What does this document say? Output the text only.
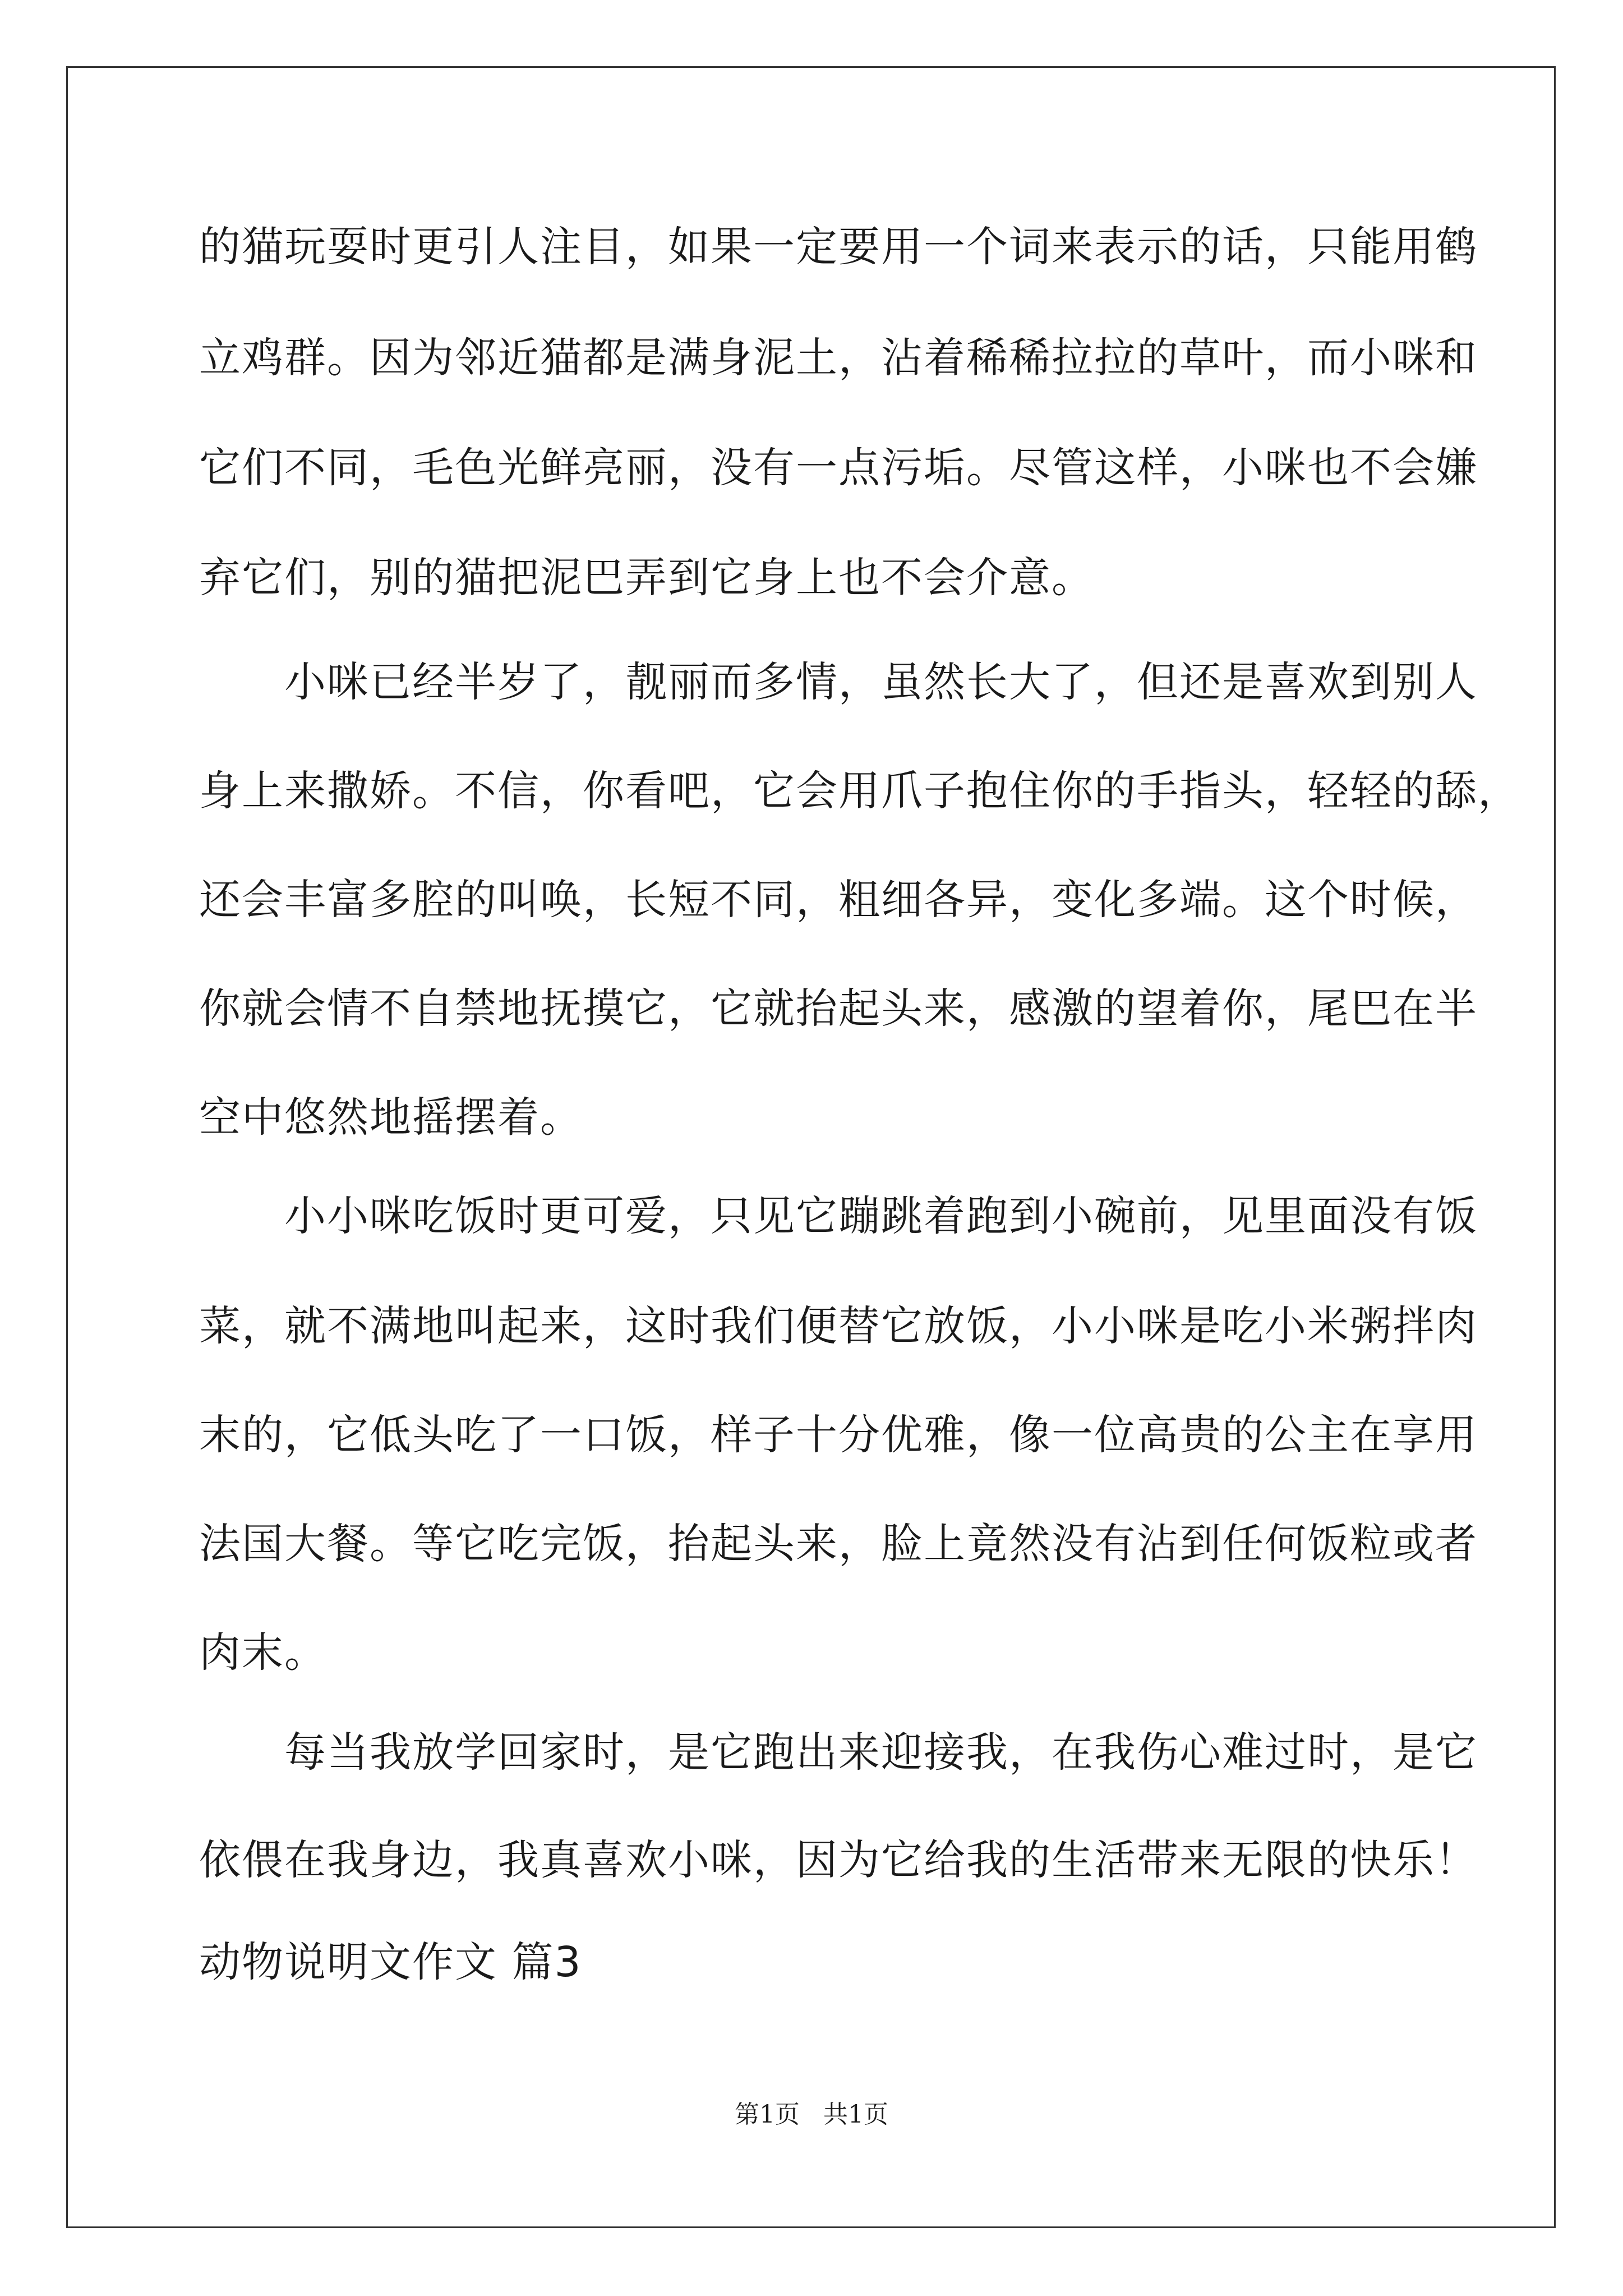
的猫玩耍时更引人注目，如果一定要用一个词来表示的话，只能用鹤
立鸡群。因为邻近猫都是满身泥土，沾着稀稀拉拉的草叶，而小咪和
它们不同，毛色光鲜亮丽，没有一点污垢。尽管这样，小咪也不会嫌
弃它们，别的猫把泥巴弄到它身上也不会介意。
　　小咪已经半岁了，靓丽而多情，虽然长大了，但还是喜欢到别人
身上来撒娇。不信，你看吧，它会用爪子抱住你的手指头，轻轻的舔，
还会丰富多腔的叫唤，长短不同，粗细各异，变化多端。这个时候，
你就会情不自禁地抚摸它，它就抬起头来，感激的望着你，尾巴在半
空中悠然地摇摆着。
　　小小咪吃饭时更可爱，只见它蹦跳着跑到小碗前，见里面没有饭
菜，就不满地叫起来，这时我们便替它放饭，小小咪是吃小米粥拌肉
末的，它低头吃了一口饭，样子十分优雅，像一位高贵的公主在享用
法国大餐。等它吃完饭，抬起头来，脸上竟然没有沾到任何饭粒或者
肉末。
　　每当我放学回家时，是它跑出来迎接我，在我伤心难过时，是它
依偎在我身边，我真喜欢小咪，因为它给我的生活带来无限的快乐！
动物说明文作文 篇3
第1页   共1页
